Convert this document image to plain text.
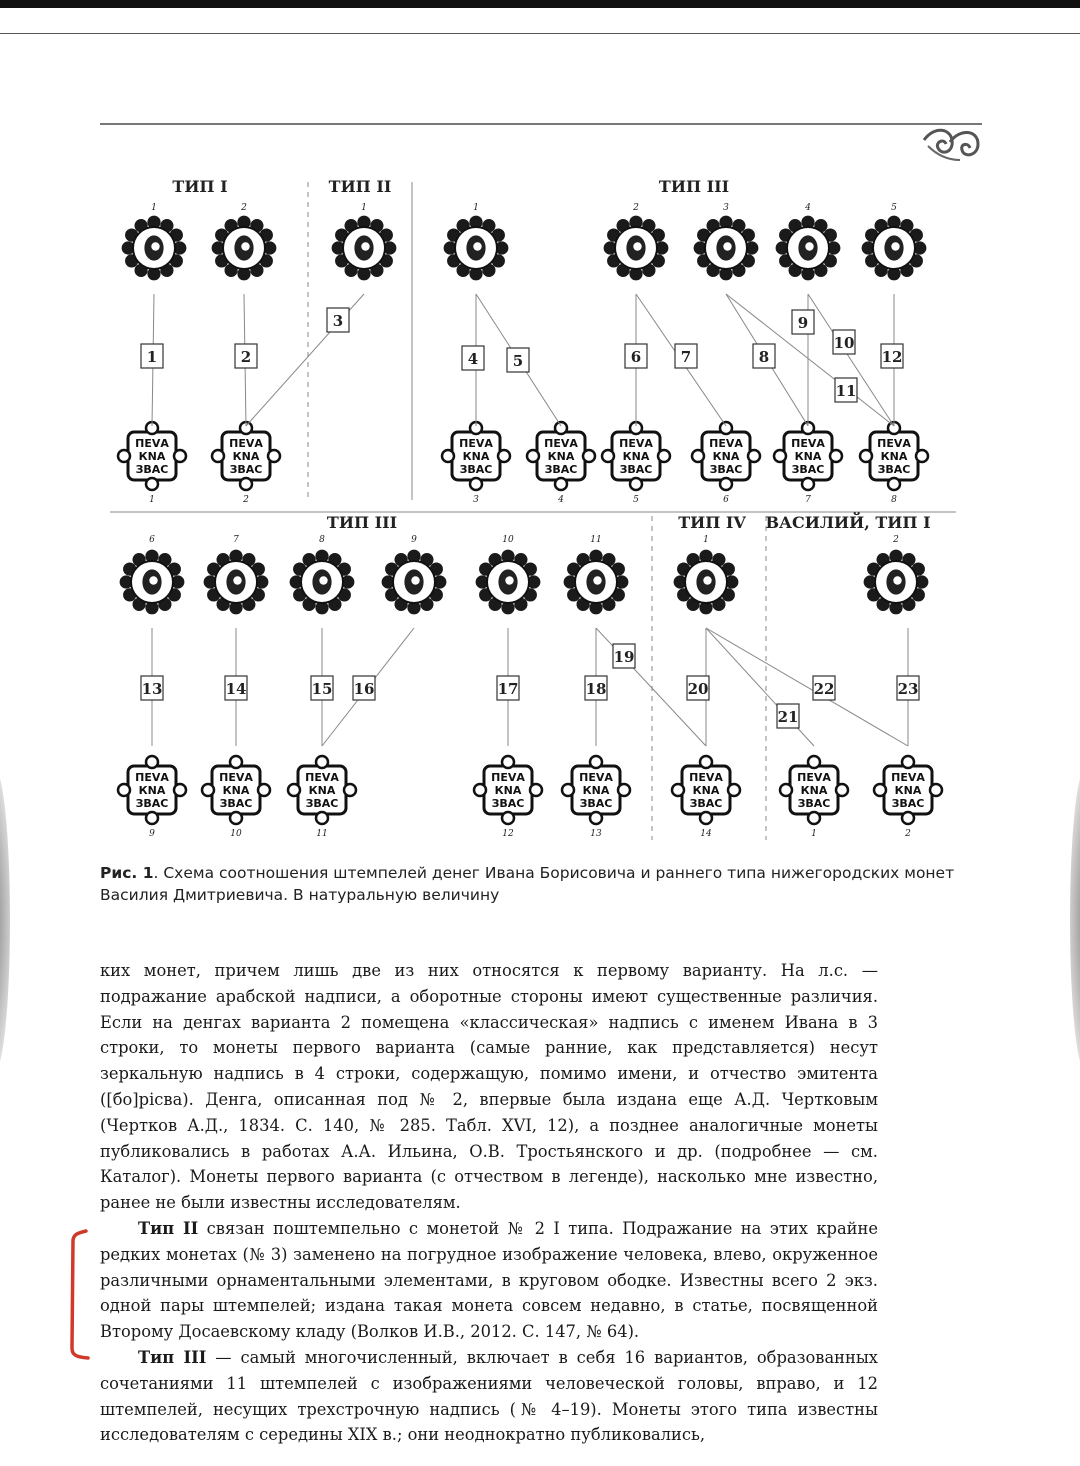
ТИП I	ТИП II	ТИП III
1	2	1	1	2	3	4	5
ПЕVА
КNА
ЗВАС
1
ПЕVА
КNА
ЗВАС
2
ПЕVА
КNА
ЗВАС
3
ПЕVА
КNА
ЗВАС
4
ПЕVА
КNА
ЗВАС
5
ПЕVА
КNА
ЗВАС
6
ПЕVА
КNА
ЗВАС
7
ПЕVА
КNА
ЗВАС
8
1	2
3
4 5	6	7	8
9
10
11
12
ТИП III	ТИП IV ВАСИЛИЙ, ТИП I
6	7	8	9	10	11	1	2
ПЕVА
КNА
ЗВАС
9
ПЕVА
КNА
ЗВАС
10
ПЕVА
КNА
ЗВАС
11
ПЕVА
КNА
ЗВАС
12
ПЕVА
КNА
ЗВАС
13
ПЕVА
КNА
ЗВАС
14
ПЕVА
КNА
ЗВАС
1
ПЕVА
КNА
ЗВАС
2
13	14	15 16	17	18
19
20
21
22	23
Рис. 1. Схема соотношения штемпелей денег Ивана Борисовича и раннего типа нижегородских монет Василия Дмитриевича. В натуральную величину

ких монет, причем лишь две из них относятся к первому варианту. На л.с. — подражание арабской надписи, а оборотные стороны имеют существенные различия. Если на денгах варианта 2 помещена «классическая» надпись с именем Ивана в 3 строки, то монеты первого варианта (самые ранние, как представляется) несут зеркальную надпись в 4 строки, содержащую, помимо имени, и отчество эмитента ([бо]рісва). Денга, описанная под № 2, впервые была издана еще А.Д. Чертковым (Чертков А.Д., 1834. С. 140, № 285. Табл. XVI, 12), а позднее аналогичные монеты публиковались в работах А.А. Ильина, О.В. Тростьянского и др. (подробнее — см. Каталог). Монеты первого варианта (с отчеством в легенде), насколько мне известно, ранее не были известны исследователям.

Тип II связан поштемпельно с монетой № 2 I типа. Подражание на этих крайне редких монетах (№ 3) заменено на погрудное изображение человека, влево, окруженное различными орнаментальными элементами, в круговом ободке. Известны всего 2 экз. одной пары штемпелей; издана такая монета совсем недавно, в статье, посвященной Второму Досаевскому кладу (Волков И.В., 2012. С. 147, № 64).

Тип III — самый многочисленный, включает в себя 16 вариантов, образованных сочетаниями 11 штемпелей с изображениями человеческой головы, вправо, и 12 штемпелей, несущих трехстрочную надпись (№ 4–19). Монеты этого типа известны исследователям с середины XIX в.; они неоднократно публиковались,
